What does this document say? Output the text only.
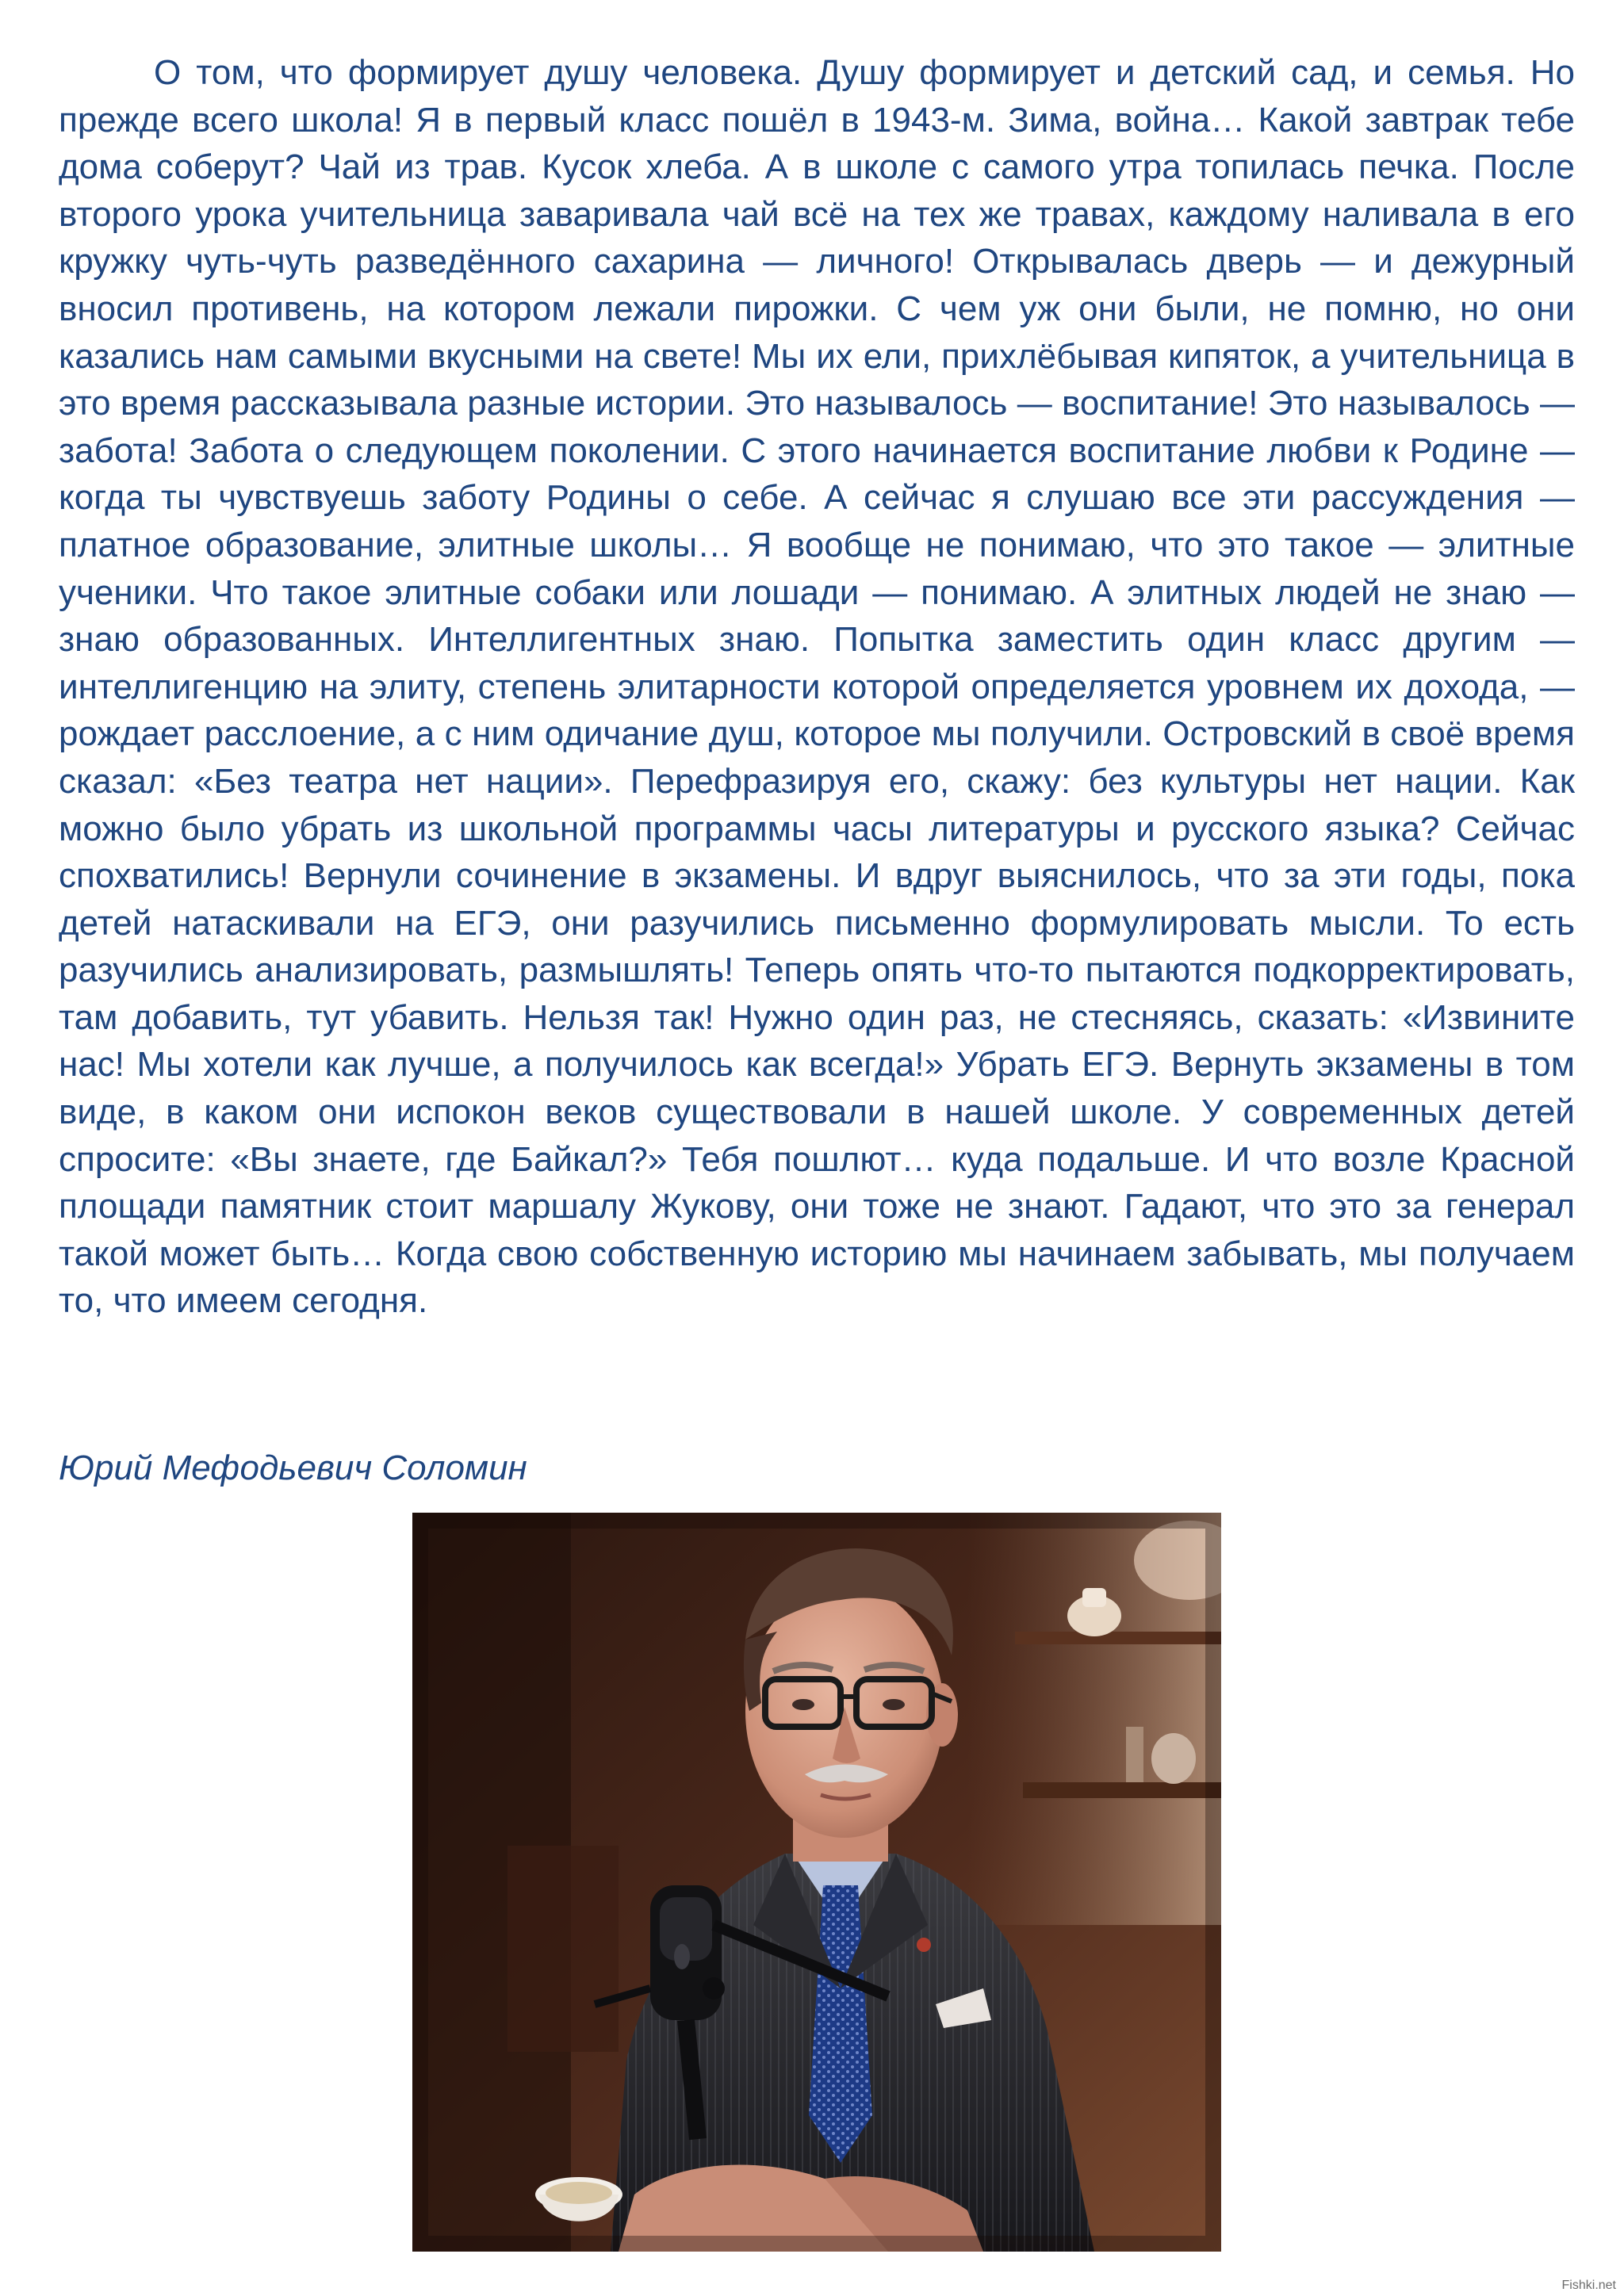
О том, что формирует душу человека. Душу формирует и детский сад, и семья. Но прежде всего школа! Я в первый класс пошёл в 1943-м. Зима, война… Какой завтрак тебе дома соберут? Чай из трав. Кусок хлеба. А в школе с самого утра топилась печка. После второго урока учительница заваривала чай всё на тех же травах, каждому наливала в его кружку чуть-чуть разведённого сахарина — личного! Открывалась дверь — и дежурный вносил противень, на котором лежали пирожки. С чем уж они были, не помню, но они казались нам самыми вкусными на свете! Мы их ели, прихлёбывая кипяток, а учительница в это время рассказывала разные истории. Это называлось — воспитание! Это называлось — забота! Забота о следующем поколении. С этого начинается воспитание любви к Родине — когда ты чувствуешь заботу Родины о себе. А сейчас я слушаю все эти рассуждения — платное образование, элитные школы… Я вообще не понимаю, что это такое — элитные ученики. Что такое элитные собаки или лошади — понимаю. А элитных людей не знаю — знаю образованных. Интеллигентных знаю. Попытка заместить один класс другим — интеллигенцию на элиту, степень элитарности которой определяется уровнем их дохода, — рождает расслоение, а с ним одичание душ, которое мы получили. Островский в своё время сказал: «Без театра нет нации». Перефразируя его, скажу: без культуры нет нации. Как можно было убрать из школьной программы часы литературы и русского языка? Сейчас спохватились! Вернули сочинение в экзамены. И вдруг выяснилось, что за эти годы, пока детей натаскивали на ЕГЭ, они разучились письменно формулировать мысли. То есть разучились анализировать, размышлять! Теперь опять что-то пытаются подкорректировать, там добавить, тут убавить. Нельзя так! Нужно один раз, не стесняясь, сказать: «Извините нас! Мы хотели как лучше, а получилось как всегда!» Убрать ЕГЭ. Вернуть экзамены в том виде, в каком они испокон веков существовали в нашей школе. У современных детей спросите: «Вы знаете, где Байкал?» Тебя пошлют… куда подальше. И что возле Красной площади памятник стоит маршалу Жукову, они тоже не знают. Гадают, что это за генерал такой может быть… Когда свою собственную историю мы начинаем забывать, мы получаем то, что имеем сегодня.

Юрий Мефодьевич Соломин

Fishki.net
